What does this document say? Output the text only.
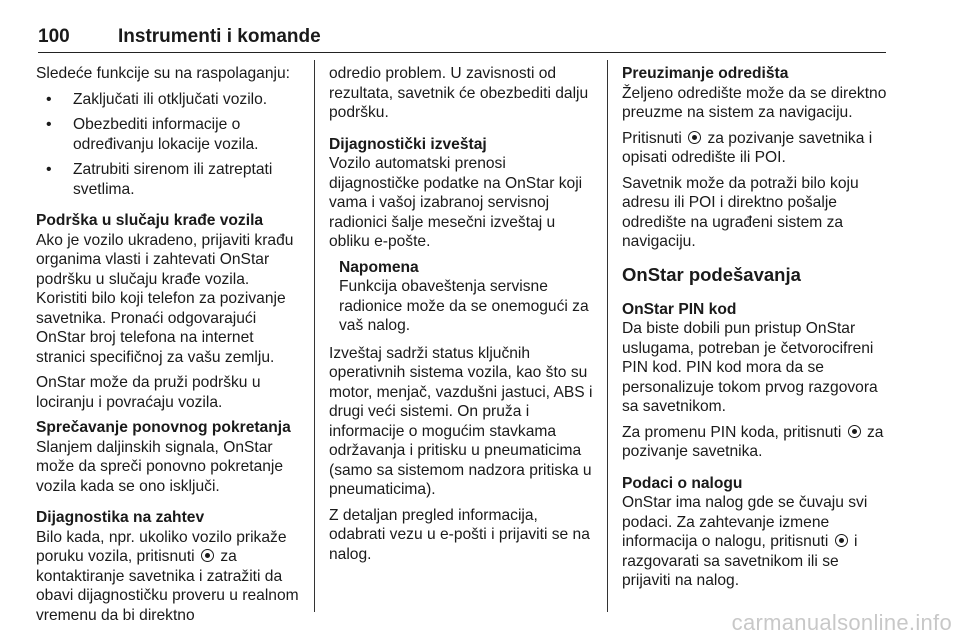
100	Instrumenti i komande

Sledeće funkcije su na raspolaganju:

• Zaključati ili otključati vozilo.
• Obezbediti informacije o određivanju lokacije vozila.
• Zatrubiti sirenom ili zatreptati svetlima.
Podrška u slučaju krađe vozila

Ako je vozilo ukradeno, prijaviti krađu organima vlasti i zahtevati OnStar podršku u slučaju krađe vozila. Koristiti bilo koji telefon za pozivanje savetnika. Pronaći odgovarajući OnStar broj telefona na internet stranici specifičnoj za vašu zemlju.

OnStar može da pruži podršku u lociranju i povraćaju vozila.

Sprečavanje ponovnog pokretanja

Slanjem daljinskih signala, OnStar može da spreči ponovno pokretanje vozila kada se ono isključi.

Dijagnostika na zahtev

Bilo kada, npr. ukoliko vozilo prikaže poruku vozila, pritisnuti za kontaktiranje savetnika i zatražiti da obavi dijagnostičku proveru u realnom vremenu da bi direktno

odredio problem. U zavisnosti od rezultata, savetnik će obezbediti dalju podršku.

Dijagnostički izveštaj

Vozilo automatski prenosi dijagnostičke podatke na OnStar koji vama i vašoj izabranoj servisnoj radionici šalje mesečni izveštaj u obliku e-pošte.

Napomena

Funkcija obaveštenja servisne radionice može da se onemogući za vaš nalog.

Izveštaj sadrži status ključnih operativnih sistema vozila, kao što su motor, menjač, vazdušni jastuci, ABS i drugi veći sistemi. On pruža i informacije o mogućim stavkama održavanja i pritisku u pneumaticima (samo sa sistemom nadzora pritiska u pneumaticima).

Z detaljan pregled informacija, odabrati vezu u e-pošti i prijaviti se na nalog.

Preuzimanje odredišta

Željeno odredište može da se direktno preuzme na sistem za navigaciju.

Pritisnuti za pozivanje savetnika i opisati odredište ili POI.

Savetnik može da potraži bilo koju adresu ili POI i direktno pošalje odredište na ugrađeni sistem za navigaciju.

OnStar podešavanja
OnStar PIN kod

Da biste dobili pun pristup OnStar uslugama, potreban je četvorocifreni PIN kod. PIN kod mora da se personalizuje tokom prvog razgovora sa savetnikom.

Za promenu PIN koda, pritisnuti za pozivanje savetnika.

Podaci o nalogu

OnStar ima nalog gde se čuvaju svi podaci. Za zahtevanje izmene informacija o nalogu, pritisnuti i razgovarati sa savetnikom ili se prijaviti na nalog.

carmanualsonline.info
